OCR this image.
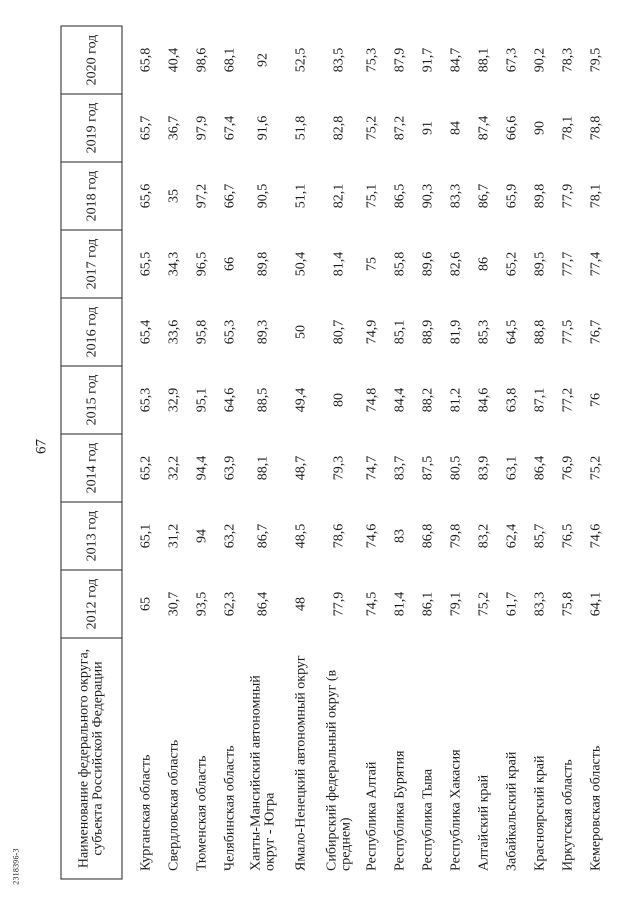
67
2318396-3	Наименование федерального округа, субъекта Российской Федерации	2012 год	2013 год	2014 год	2015 год	2016 год	2017 год	2018 год	2019 год	2020 год
Курганская область	65	65,1	65,2	65,3	65,4	65,5	65,6	65,7	65,8
Свердловская область	30,7	31,2	32,2	32,9	33,6	34,3	35	36,7	40,4
Тюменская область	93,5	94	94,4	95,1	95,8	96,5	97,2	97,9	98,6
Челябинская область	62,3	63,2	63,9	64,6	65,3	66	66,7	67,4	68,1
Ханты-Мансийский автономный округ - Югра	86,4	86,7	88,1	88,5	89,3	89,8	90,5	91,6	92
Ямало-Ненецкий автономный округ	48	48,5	48,7	49,4	50	50,4	51,1	51,8	52,5
Сибирский федеральный округ (в среднем)	77,9	78,6	79,3	80	80,7	81,4	82,1	82,8	83,5
Республика Алтай	74,5	74,6	74,7	74,8	74,9	75	75,1	75,2	75,3
Республика Бурятия	81,4	83	83,7	84,4	85,1	85,8	86,5	87,2	87,9
Республика Тыва	86,1	86,8	87,5	88,2	88,9	89,6	90,3	91	91,7
Республика Хакасия	79,1	79,8	80,5	81,2	81,9	82,6	83,3	84	84,7
Алтайский край	75,2	83,2	83,9	84,6	85,3	86	86,7	87,4	88,1
Забайкальский край	61,7	62,4	63,1	63,8	64,5	65,2	65,9	66,6	67,3
Красноярский край	83,3	85,7	86,4	87,1	88,8	89,5	89,8	90	90,2
Иркутская область	75,8	76,5	76,9	77,2	77,5	77,7	77,9	78,1	78,3
Кемеровская область	64,1	74,6	75,2	76	76,7	77,4	78,1	78,8	79,5
